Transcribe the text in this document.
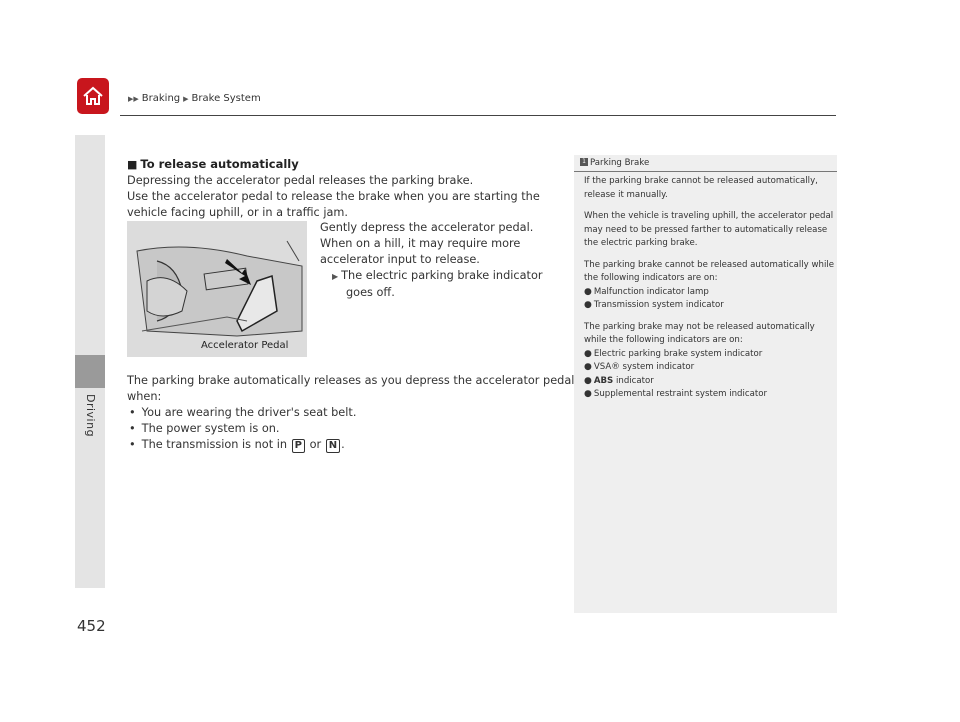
▶▶ Braking ▶ Brake System
Driving
452

■ To release automatically

Depressing the accelerator pedal releases the parking brake.

Use the accelerator pedal to release the brake when you are starting the vehicle facing uphill, or in a traffic jam.

Accelerator Pedal

Gently depress the accelerator pedal.

When on a hill, it may require more accelerator input to release.

▶ The electric parking brake indicator goes off.

The parking brake automatically releases as you depress the accelerator pedal when:

• You are wearing the driver's seat belt.
• The power system is on.
• The transmission is not in P or N .
1 Parking Brake

If the parking brake cannot be released automatically, release it manually.

When the vehicle is traveling uphill, the accelerator pedal may need to be pressed farther to automatically release the electric parking brake.

The parking brake cannot be released automatically while the following indicators are on:

● Malfunction indicator lamp

● Transmission system indicator

The parking brake may not be released automatically while the following indicators are on:

● Electric parking brake system indicator

● VSA® system indicator

● ABS indicator

● Supplemental restraint system indicator
